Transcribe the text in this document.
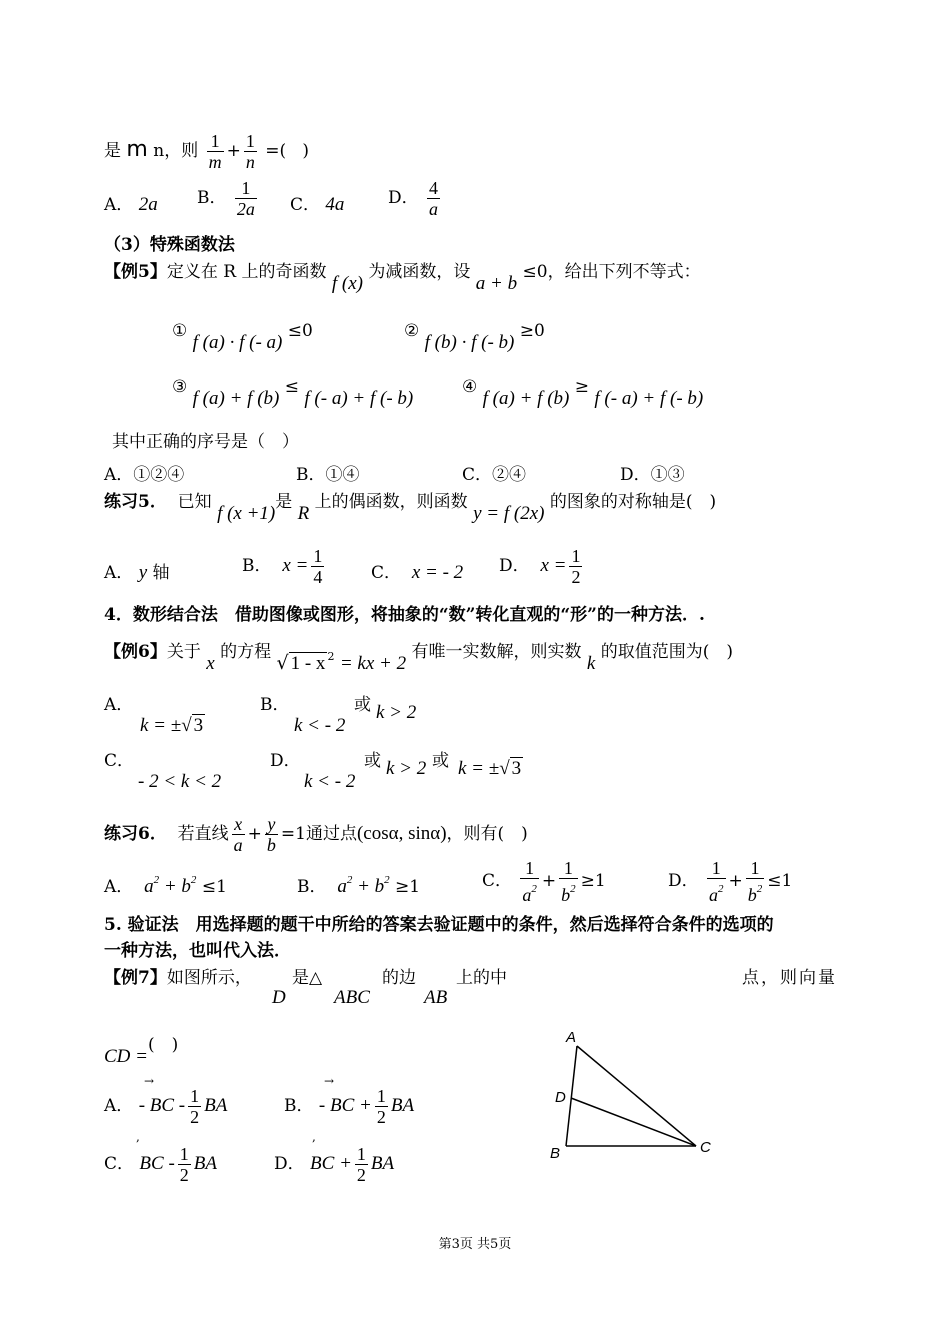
是 m n，则 $\frac{1}{m} + \frac{1}{n}$ =( )
A． 2a B． $\frac{1}{2a}$ C． 4a	D． $\frac{4}{a}$
（3）特殊函数法
【例5】定义在 R 上的奇函数 f (x) 为减函数，设 a + b ≤0，给出下列不等式：
① f (a) · f (- a) ≤0	② f (b) · f (- b) ≥0
③ f (a) + f (b) ≤ f (- a) + f (- b)
④ f (a) + f (b) ≥ f (- a) + f (- b)
其中正确的序号是（　）
A．①②④	B．①④	C．②④	D．①③
练习5． 已知 f (x +1)是 R 上的偶函数，则函数 y = f (2x) 的图象的对称轴是(　)
A． y 轴	B． $x = \frac{1}{4}$	C． x = - 2 D． $x = \frac{1}{2}$
4．数形结合法　借助图像或图形，将抽象的“数”转化直观的“形”的一种方法．.
【例6】关于 x 的方程 √ 1 - x $^2$ = kx + 2 有唯一实数解，则实数 k 的取值范围为(　)
A．
k = ±√ 3
B．
k < - 2
或 k > 2
C．
- 2 < k < 2
D．
k < - 2
或 k > 2 或 k = ±√ 3
练习6． 若直线 $\frac{x}{a} + \frac{y}{b} =1$通过点(cosα, sinα)，则有(　)
A． $a^2 + b^2 \le 1$	B． $a^2 + b^2 \ge 1$	C． $\frac{1}{a^2} + \frac{1}{b^2} \ge 1$	D． $\frac{1}{a^2} + \frac{1}{b^2} \le 1$
5. 验证法　用选择题的题干中所给的答案去验证题中的条件，然后选择符合条件的选项的
一种方法，也叫代入法．
【例7】如图所示，
D
是△
ABC
的边
AB
上的中	点，则向量
CD =(　)
→	→
A． - BC - $\frac{1}{2}$ BA	B． - BC + $\frac{1}{2}$ BA
,	,
C． BC - $\frac{1}{2}$ BA	D． BC + $\frac{1}{2}$ BA
A
D
B	C
第3页 共5页
